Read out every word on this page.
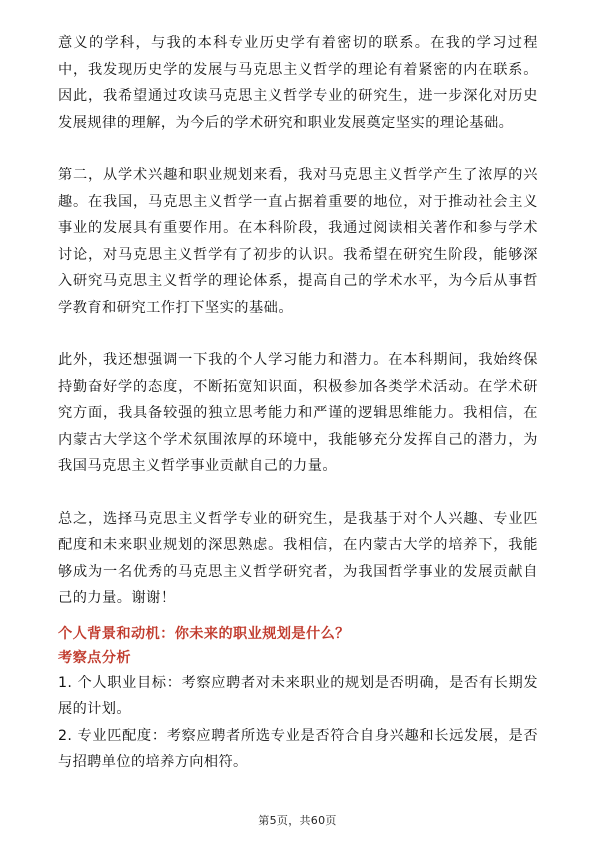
意义的学科，与我的本科专业历史学有着密切的联系。在我的学习过程中，我发现历史学的发展与马克思主义哲学的理论有着紧密的内在联系。因此，我希望通过攻读马克思主义哲学专业的研究生，进一步深化对历史发展规律的理解，为今后的学术研究和职业发展奠定坚实的理论基础。

第二，从学术兴趣和职业规划来看，我对马克思主义哲学产生了浓厚的兴趣。在我国，马克思主义哲学一直占据着重要的地位，对于推动社会主义事业的发展具有重要作用。在本科阶段，我通过阅读相关著作和参与学术讨论，对马克思主义哲学有了初步的认识。我希望在研究生阶段，能够深入研究马克思主义哲学的理论体系，提高自己的学术水平，为今后从事哲学教育和研究工作打下坚实的基础。

此外，我还想强调一下我的个人学习能力和潜力。在本科期间，我始终保持勤奋好学的态度，不断拓宽知识面，积极参加各类学术活动。在学术研究方面，我具备较强的独立思考能力和严谨的逻辑思维能力。我相信，在内蒙古大学这个学术氛围浓厚的环境中，我能够充分发挥自己的潜力，为我国马克思主义哲学事业贡献自己的力量。

总之，选择马克思主义哲学专业的研究生，是我基于对个人兴趣、专业匹配度和未来职业规划的深思熟虑。我相信，在内蒙古大学的培养下，我能够成为一名优秀的马克思主义哲学研究者，为我国哲学事业的发展贡献自己的力量。谢谢！

个人背景和动机：你未来的职业规划是什么？

考察点分析

1. 个人职业目标：考察应聘者对未来职业的规划是否明确，是否有长期发展的计划。

2. 专业匹配度：考察应聘者所选专业是否符合自身兴趣和长远发展，是否与招聘单位的培养方向相符。

第5页，共60页
